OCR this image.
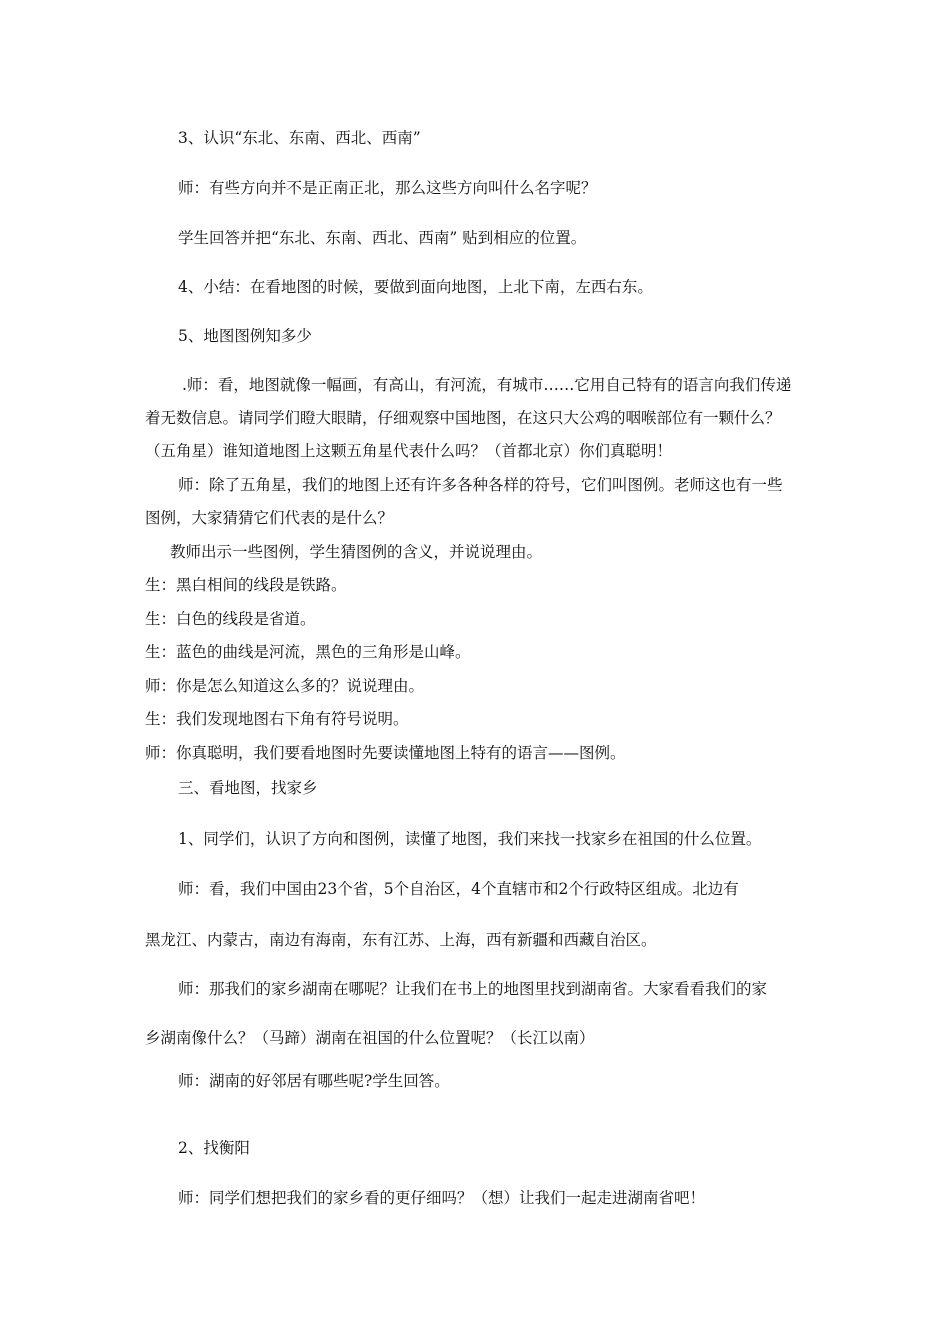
3、认识“东北、东南、西北、西南”
师：有些方向并不是正南正北，那么这些方向叫什么名字呢？
学生回答并把“东北、东南、西北、西南” 贴到相应的位置。
4、小结：在看地图的时候，要做到面向地图，上北下南，左西右东。
5、地图图例知多少
.师：看，地图就像一幅画，有高山，有河流，有城市……它用自己特有的语言向我们传递
着无数信息。请同学们瞪大眼睛，仔细观察中国地图，在这只大公鸡的咽喉部位有一颗什么？
（五角星）谁知道地图上这颗五角星代表什么吗？（首都北京）你们真聪明！
师：除了五角星，我们的地图上还有许多各种各样的符号，它们叫图例。老师这也有一些
图例，大家猜猜它们代表的是什么？
教师出示一些图例，学生猜图例的含义，并说说理由。
生：黑白相间的线段是铁路。
生：白色的线段是省道。
生：蓝色的曲线是河流，黑色的三角形是山峰。
师：你是怎么知道这么多的？说说理由。
生：我们发现地图右下角有符号说明。
师：你真聪明，我们要看地图时先要读懂地图上特有的语言——图例。
三、看地图，找家乡
1、同学们，认识了方向和图例，读懂了地图，我们来找一找家乡在祖国的什么位置。
师：看，我们中国由23个省，5个自治区，4个直辖市和2个行政特区组成。北边有
黑龙江、内蒙古，南边有海南，东有江苏、上海，西有新疆和西藏自治区。
师：那我们的家乡湖南在哪呢？让我们在书上的地图里找到湖南省。大家看看我们的家
乡湖南像什么？（马蹄）湖南在祖国的什么位置呢？（长江以南）
师：湖南的好邻居有哪些呢?学生回答。
2、找衡阳
师：同学们想把我们的家乡看的更仔细吗？（想）让我们一起走进湖南省吧！
